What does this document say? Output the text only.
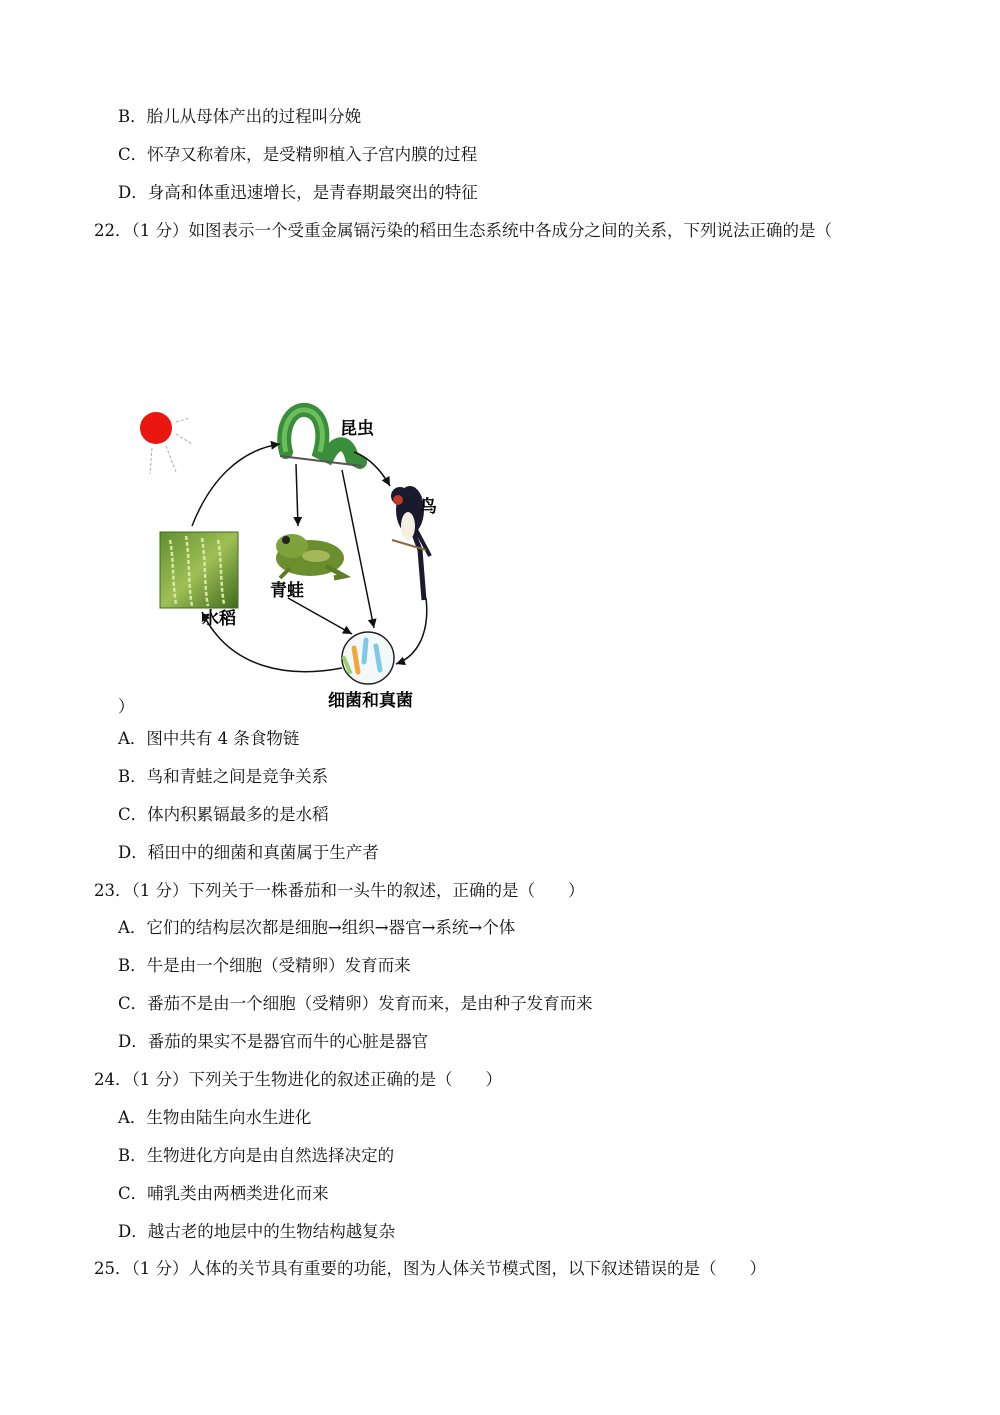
B．胎儿从母体产出的过程叫分娩
C．怀孕又称着床，是受精卵植入子宫内膜的过程
D．身高和体重迅速增长，是青春期最突出的特征
22．（1 分）如图表示一个受重金属镉污染的稻田生态系统中各成分之间的关系，下列说法正确的是（
昆虫
鸟
青蛙
水稻
细菌和真菌
）
A．图中共有 4 条食物链
B．鸟和青蛙之间是竞争关系
C．体内积累镉最多的是水稻
D．稻田中的细菌和真菌属于生产者
23．（1 分）下列关于一株番茄和一头牛的叙述，正确的是（　　）
A．它们的结构层次都是细胞→组织→器官→系统→个体
B．牛是由一个细胞（受精卵）发育而来
C．番茄不是由一个细胞（受精卵）发育而来，是由种子发育而来
D．番茄的果实不是器官而牛的心脏是器官
24．（1 分）下列关于生物进化的叙述正确的是（　　）
A．生物由陆生向水生进化
B．生物进化方向是由自然选择决定的
C．哺乳类由两栖类进化而来
D．越古老的地层中的生物结构越复杂
25．（1 分）人体的关节具有重要的功能，图为人体关节模式图，以下叙述错误的是（　　）
